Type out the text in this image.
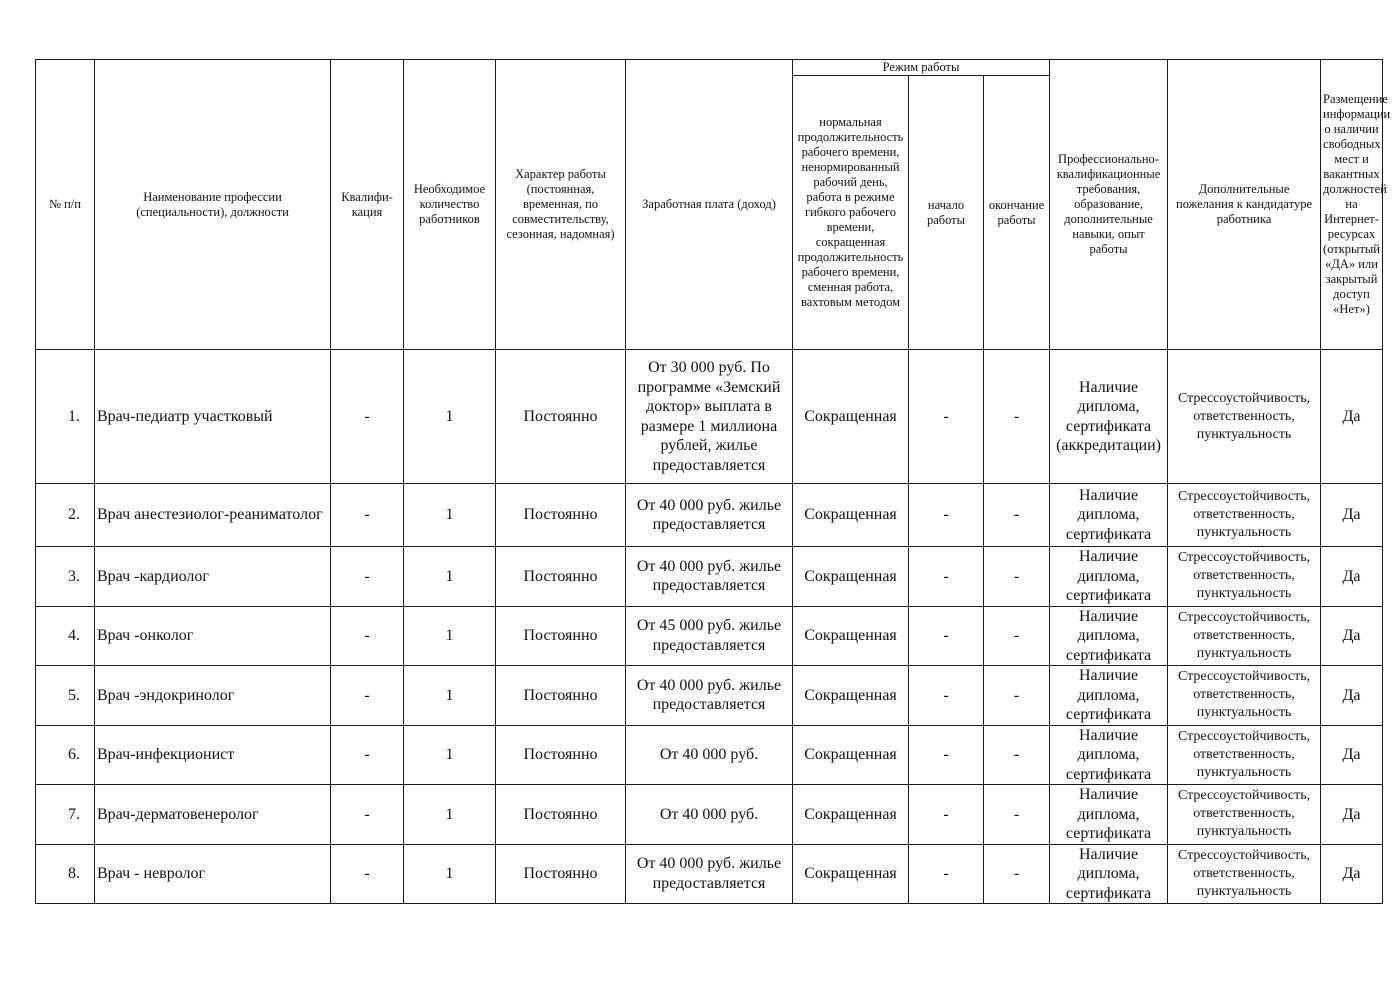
№ п/п	Наименование профессии (специальности), должности	Квалифи-кация	Необходимое количество работников	Характер работы (постоянная, временная, по совместительству, сезонная, надомная)	Заработная плата (доход)	Режим работы			Профессионально-квалификационные требования, образование, дополнительные навыки, опыт работы	Дополнительные пожелания к кандидатуре работника	Размещение информации о наличии свободных мест и вакантных должностей на Интернет-ресурсах (открытый «ДА» или закрытый доступ «Нет»)
						нормальная продолжительность рабочего времени, ненормированный рабочий день, работа в режиме гибкого рабочего времени, сокращенная продолжительность рабочего времени, сменная работа, вахтовым методом	начало работы	окончание работы			
1.	Врач-педиатр участковый	-	1	Постоянно	От 30 000 руб. По программе «Земский доктор» выплата в размере 1 миллиона рублей, жилье предоставляется	Сокращенная	-	-	Наличие диплома, сертификата (аккредитации)	Стрессоустойчивость, ответственность, пунктуальность	Да
2.	Врач анестезиолог-реаниматолог	-	1	Постоянно	От 40 000 руб. жилье предоставляется	Сокращенная	-	-	Наличие диплома, сертификата	Стрессоустойчивость, ответственность, пунктуальность	Да
3.	Врач -кардиолог	-	1	Постоянно	От 40 000 руб. жилье предоставляется	Сокращенная	-	-	Наличие диплома, сертификата	Стрессоустойчивость, ответственность, пунктуальность	Да
4.	Врач -онколог	-	1	Постоянно	От 45 000 руб. жилье предоставляется	Сокращенная	-	-	Наличие диплома, сертификата	Стрессоустойчивость, ответственность, пунктуальность	Да
5.	Врач -эндокринолог	-	1	Постоянно	От 40 000 руб. жилье предоставляется	Сокращенная	-	-	Наличие диплома, сертификата	Стрессоустойчивость, ответственность, пунктуальность	Да
6.	Врач-инфекционист	-	1	Постоянно	От 40 000 руб.	Сокращенная	-	-	Наличие диплома, сертификата	Стрессоустойчивость, ответственность, пунктуальность	Да
7.	Врач-дерматовенеролог	-	1	Постоянно	От 40 000 руб.	Сокращенная	-	-	Наличие диплома, сертификата	Стрессоустойчивость, ответственность, пунктуальность	Да
8.	Врач - невролог	-	1	Постоянно	От 40 000 руб. жилье предоставляется	Сокращенная	-	-	Наличие диплома, сертификата	Стрессоустойчивость, ответственность, пунктуальность	Да
